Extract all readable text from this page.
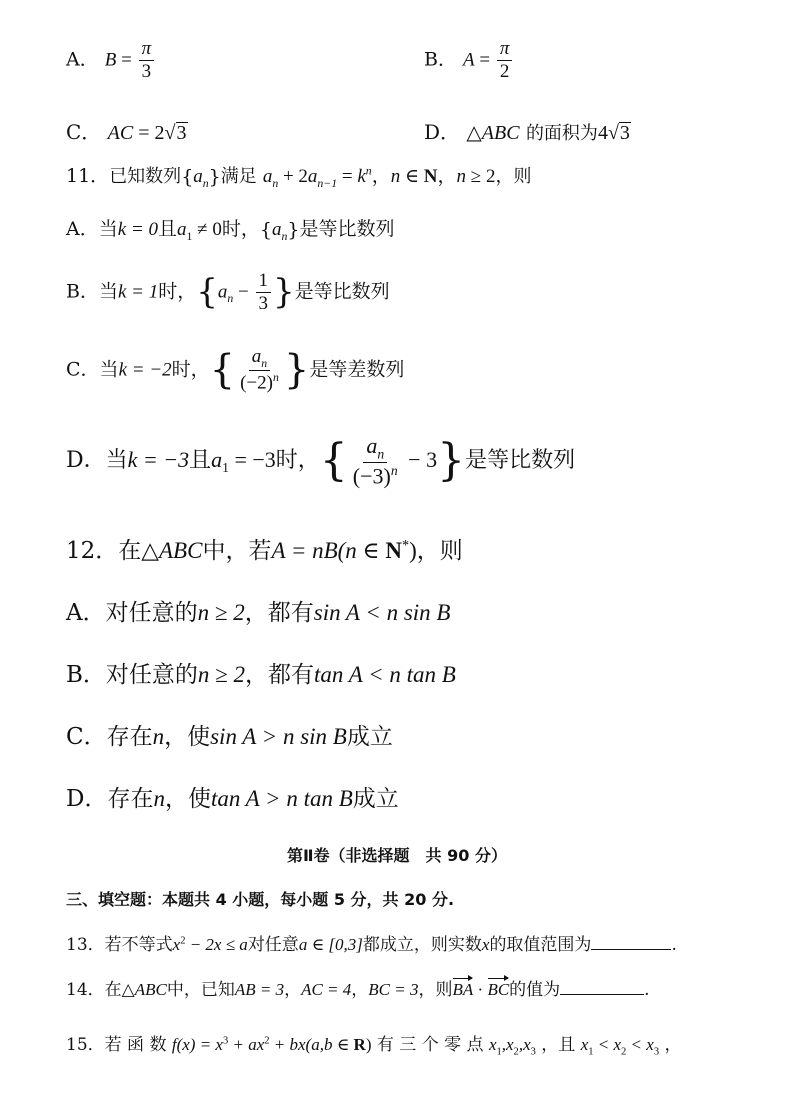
A． $B = \frac{\pi}{3}$	B． $A = \frac{\pi}{2}$
C． AC = 2√3	D． △ABC 的面积为4√3
11．已知数列$\{a_n\}$满足 $a_n + 2a_{n-1} = k^n$，n ∈ N，n ≥ 2，则
A．当k = 0且$a_1 \ne 0$时，$\{a_n\}$是等比数列
B．当k = 1时，{$a_n - \frac{1}{3}$ }是等比数列
C．当k = −2时，{ $\frac{a_n}{(-2)^n}$ }是等差数列
D．当k = −3且$a_1 = -3$时，{ $\frac{a_n}{(-3)^n} - 3$}是等比数列
12．在△ABC中，若A = nB(n ∈ N*)，则
A．对任意的n ≥ 2，都有sin A < n sin B
B．对任意的n ≥ 2，都有tan A < n tan B
C．存在n，使sin A > n sin B成立
D．存在n，使tan A > n tan B成立
第Ⅱ卷（非选择题　共 90 分）
三、填空题：本题共 4 小题，每小题 5 分，共 20 分.
13．若不等式$x^2 - 2x \le a$对任意a ∈ [0,3]都成立，则实数x的取值范围为	.
14．在△ABC中，已知AB = 3，AC = 4，BC = 3，则BA · BC的值为	.
15．若 函 数 $f(x) = x^3 + ax^2 + bx(a,b$ ∈ R) 有 三 个 零 点 $x_1,x_2,x_3$ ，且 $x_1 < x_2 < x_3$ ，
